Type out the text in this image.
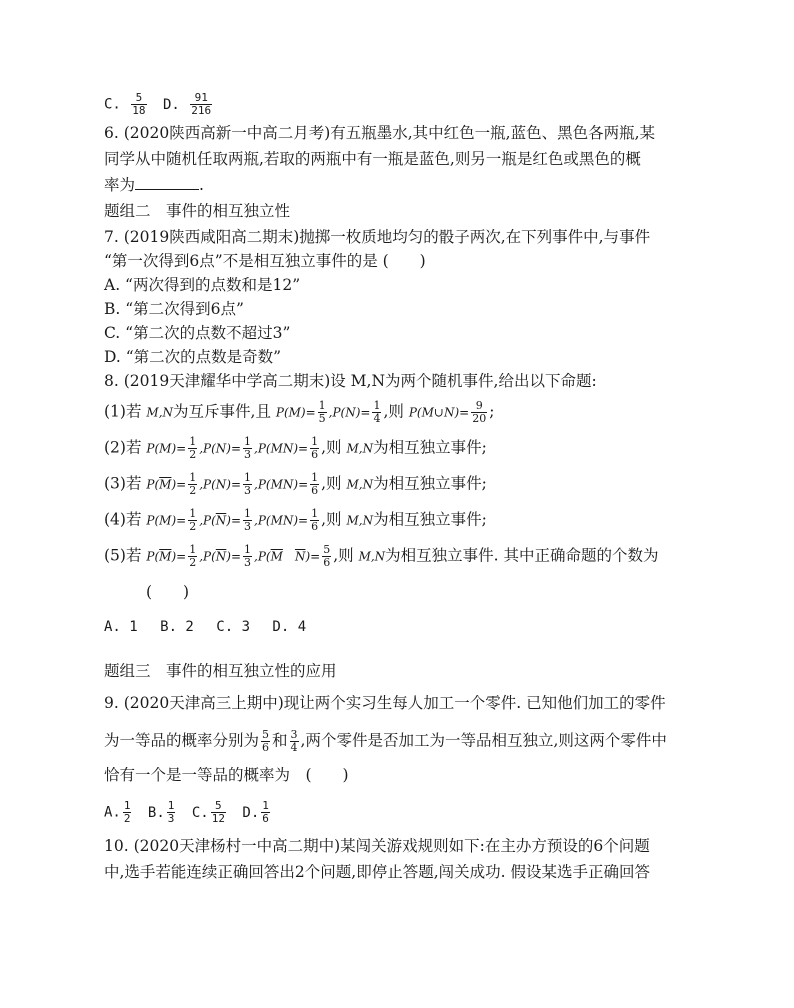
C. $\frac{5}{18} D$. $\frac{91}{216}$
6. (2020陕西高新一中高二月考)有五瓶墨水,其中红色一瓶,蓝色、黑色各两瓶,某
同学从中随机任取两瓶,若取的两瓶中有一瓶是蓝色,则另一瓶是红色或黑色的概
率为	.
题组二　事件的相互独立性
7. (2019陕西咸阳高二期末)抛掷一枚质地均匀的骰子两次,在下列事件中,与事件
“第一次得到6点”不是相互独立事件的是 (　　)
A. “两次得到的点数和是12”
B. “第二次得到6点”
C. “第二次的点数不超过3”
D. “第二次的点数是奇数”
8. (2019天津耀华中学高二期末)设 M,N为两个随机事件,给出以下命题:
(1)若 M,N为互斥事件,且 $P(M)= \frac{1}{5} ,P(N)= \frac{1}{4}$ ,则 P(M∪N)= $\frac{9}{20}$ ;
(2)若 $P(M)= \frac{1}{2} ,P(N)= \frac{1}{3} ,P(MN)= \frac{1}{6}$ ,则 M,N为相互独立事件;
(3)若 $P(\overline{M})= \frac{1}{2} ,P(N)= \frac{1}{3} ,P(MN)= \frac{1}{6}$ ,则 M,N为相互独立事件;
(4)若 $P(M)= \frac{1}{2} ,P(\overline{N})= \frac{1}{3} ,P(MN)= \frac{1}{6}$ ,则 M,N为相互独立事件;
(5)若 $P(\overline{M})= \frac{1}{2} ,P(\overline{N})= \frac{1}{3} ,P(\overline{M}$　 $\overline{N})= \frac{5}{6}$ ,则 M,N为相互独立事件. 其中正确命题的个数为
(　　)
A. 1　 B. 2　 C. 3　 D. 4
题组三　事件的相互独立性的应用
9. (2020天津高三上期中)现让两个实习生每人加工一个零件. 已知他们加工的零件
为一等品的概率分别为 $\frac{5}{6}$ 和 $\frac{3}{4}$ ,两个零件是否加工为一等品相互独立,则这两个零件中
恰有一个是一等品的概率为　(　　)
A. $\frac{1}{2} B$. $\frac{1}{3} C$. $\frac{5}{12} D$. $\frac{1}{6}$
10. (2020天津杨村一中高二期中)某闯关游戏规则如下:在主办方预设的6个问题
中,选手若能连续正确回答出2个问题,即停止答题,闯关成功. 假设某选手正确回答
